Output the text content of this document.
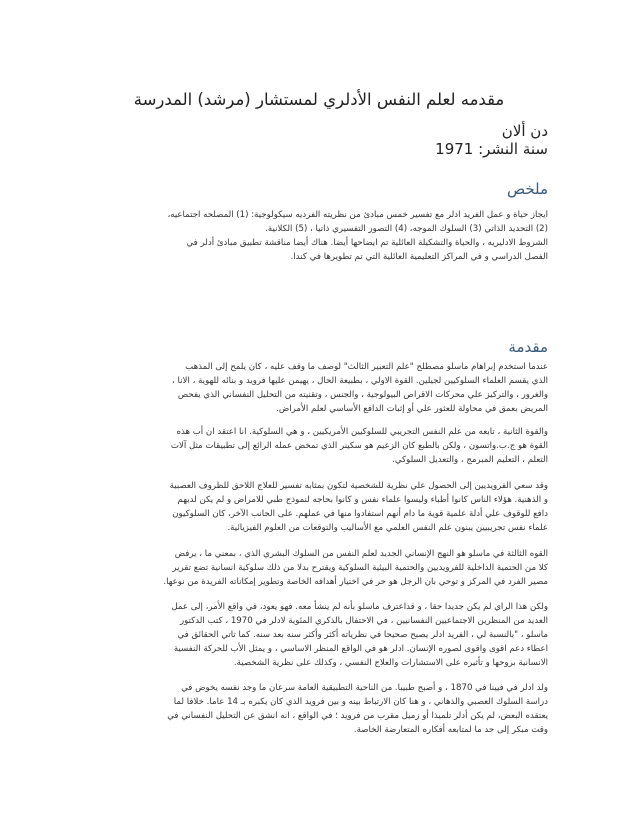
مقدمه لعلم النفس الأدلري لمستشار (مرشد) المدرسة
دن ألان
سنة النشر: 1971
ملخص

ايجاز حياة و عمل الفريد ادلر مع تفسير خمس مبادئ من نظريته الفرديه سيكولوجية: (1) المصلحه اجتماعيه،
(2) التحديد الذاتي (3) السلوك الموجه، (4) التصور التفسيري ذاتيا ، (5) الكلانية.
الشروط الادليريه ، والحياة والتشكيلة العائلية تم ايضاحها أيضا. هناك أيضا مناقشة تطبيق مبادئ أدلر في
الفصل الدراسي و في المراكز التعليمية العائلية التي تم تطويرها في كندا.

مقدمة

عندما استخدم إبراهام ماسلو مصطلح "علم التعبير الثالث" لوصف ما وقف عليه ، كان يلمح إلى المذهب
الذي يقسم العلماء السلوكيين لجيلين. القوة الاولي ، بطبيعة الحال ، يهيمن عليها فرويد و بنائه للهوية ، الانا ،
والغرور ، والتركيز علي محركات الاقراص البيولوجية ، والجنس ، وتقنيته من التحليل النفساني الذي يفحص
المريض بعمق في محاولة للعثور علي أو إثبات الدافع الأساسي لعلم الأمراض.

والقوة الثانية ، تابعه من علم النفس التجريبي للسلوكيين الأمريكيين ، و هي السلوكية. انا اعتقد ان أب هذه
القوة هو ج.ب.واتسون ، ولكن بالطبع كان الزعيم هو سكينر الذي تمخض عمله الرائع إلى تطبيقات مثل آلات
التعلم ، التعليم المبرمج ، والتعديل السلوكي.

وقد سعي الفرويديين إلى الحصول علي نظرية للشخصية لتكون بمثابه تفسير للعلاج اللاحق للظروف العصبية
و الذهنية. هؤلاء الناس كانوا أطباء وليسوا علماء نفس و كانوا بحاجه لنموذج طبي للامراض و لم يكن لديهم
دافع للوقوف علي أدلة علمية قوية ما دام أنهم استفادوا منها في عملهم. على الجانب الآخر، كان السلوكيون
علماء نفس تجريبيين يبنون علم النفس العلمي مع الأساليب والتوقعات من العلوم الفيزيائية.

القوه الثالثة في ماسلو هو النهج الإنساني الجديد لعلم النفس من السلوك البشري الذي ، بمعني ما ، يرفض
كلا من الحتمية الداخلية للفرويديين والحتمية البيئية السلوكية ويقترح بدلا من ذلك سلوكية انسانية تضع تقرير
مصير الفرد في المركز و توحي بان الرجل هو حر في اختيار أهدافه الخاصة وتطوير إمكاناته الفريدة من نوعها.

ولكن هذا الراي لم يكن جديدا حقا ، و قداعترف ماسلو بأنه لم ينشأ معه. فهو يعود، في واقع الأمر، إلى عمل
العديد من المنظرين الاجتماعيين النفسانيين ، في الاحتفال بالذكري المئوية لادلر في 1970 ، كتب الدكتور
ماسلو ، "بالنسبة لي ، الفريد ادلر يصبح صحيحا في نظرياته أكثر وأكثر سنه بعد سنه. كما تاتي الحقائق في
اعطاء دعم اقوى واقوى لصوره الإنسان. ادلر هو في الواقع المنظر الاساسي ، و يمثل الأب للحركة النفسية
الانسانية بروحها و تأثيره على الاستشارات والعلاج النفسي ، وكذلك على نظرية الشخصية.

ولد ادلر في فيينا في 1870 ، و أصبح طبيبا. من الناحية التطبيقية العامة سرعان ما وجد نفسه يخوض في
دراسة السلوك العصبي والذهاني ، و هنا كان الارتباط بينه و بين فرويد الذي كان يكبره بـ 14 عاما. خلافا لما
يعتقده البعض، لم يكن أدلر تلميذا أو زميل مقرب من فرويد ؛ في الواقع ، انه انشق عن التحليل النفساني في
وقت مبكر إلى حد ما لمتابعه أفكاره المتعارضة الخاصة.
